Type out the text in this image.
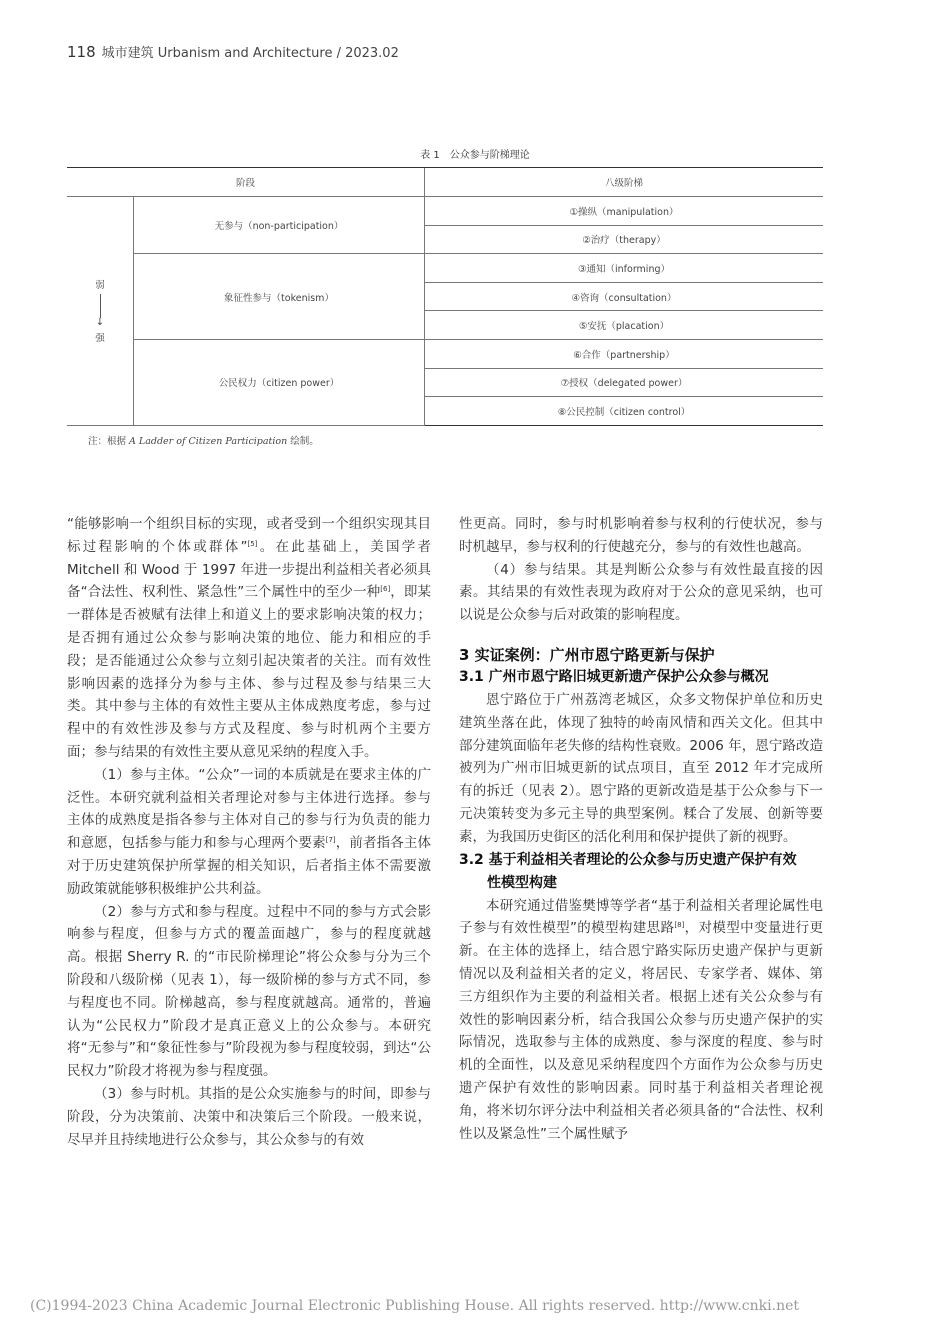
118 城市建筑 Urbanism and Architecture / 2023.02
表 1　公众参与阶梯理论
阶段		八级阶梯

弱
↓
强	无参与（non-participation）	①操纵（manipulation）
		②治疗（therapy）
	象征性参与（tokenism）	③通知（informing）
		④咨询（consultation）
		⑤安抚（placation）
	公民权力（citizen power）	⑥合作（partnership）
		⑦授权（delegated power）
		⑧公民控制（citizen control）
注：根据 A Ladder of Citizen Participation 绘制。

“能够影响一个组织目标的实现，或者受到一个组织实现其目标过程影响的个体或群体”[5]。在此基础上，美国学者 Mitchell 和 Wood 于 1997 年进一步提出利益相关者必须具备“合法性、权利性、紧急性”三个属性中的至少一种[6]，即某一群体是否被赋有法律上和道义上的要求影响决策的权力；是否拥有通过公众参与影响决策的地位、能力和相应的手段；是否能通过公众参与立刻引起决策者的关注。而有效性影响因素的选择分为参与主体、参与过程及参与结果三大类。其中参与主体的有效性主要从主体成熟度考虑，参与过程中的有效性涉及参与方式及程度、参与时机两个主要方面；参与结果的有效性主要从意见采纳的程度入手。

（1）参与主体。“公众”一词的本质就是在要求主体的广泛性。本研究就利益相关者理论对参与主体进行选择。参与主体的成熟度是指各参与主体对自己的参与行为负责的能力和意愿，包括参与能力和参与心理两个要素[7]，前者指各主体对于历史建筑保护所掌握的相关知识，后者指主体不需要激励政策就能够积极维护公共利益。

（2）参与方式和参与程度。过程中不同的参与方式会影响参与程度，但参与方式的覆盖面越广，参与的程度就越高。根据 Sherry R. 的“市民阶梯理论”将公众参与分为三个阶段和八级阶梯（见表 1），每一级阶梯的参与方式不同，参与程度也不同。阶梯越高，参与程度就越高。通常的，普遍认为“公民权力”阶段才是真正意义上的公众参与。本研究将“无参与”和“象征性参与”阶段视为参与程度较弱，到达“公民权力”阶段才将视为参与程度强。

（3）参与时机。其指的是公众实施参与的时间，即参与阶段，分为决策前、决策中和决策后三个阶段。一般来说，尽早并且持续地进行公众参与，其公众参与的有效

性更高。同时，参与时机影响着参与权利的行使状况，参与时机越早，参与权利的行使越充分，参与的有效性也越高。

（4）参与结果。其是判断公众参与有效性最直接的因素。其结果的有效性表现为政府对于公众的意见采纳，也可以说是公众参与后对政策的影响程度。

3 实证案例：广州市恩宁路更新与保护

3.1 广州市恩宁路旧城更新遗产保护公众参与概况

恩宁路位于广州荔湾老城区，众多文物保护单位和历史建筑坐落在此，体现了独特的岭南风情和西关文化。但其中部分建筑面临年老失修的结构性衰败。2006 年，恩宁路改造被列为广州市旧城更新的试点项目，直至 2012 年才完成所有的拆迁（见表 2）。恩宁路的更新改造是基于公众参与下一元决策转变为多元主导的典型案例。糅合了发展、创新等要素，为我国历史街区的活化利用和保护提供了新的视野。

3.2 基于利益相关者理论的公众参与历史遗产保护有效
性模型构建

本研究通过借鉴樊博等学者“基于利益相关者理论属性电子参与有效性模型”的模型构建思路[8]，对模型中变量进行更新。在主体的选择上，结合恩宁路实际历史遗产保护与更新情况以及利益相关者的定义，将居民、专家学者、媒体、第三方组织作为主要的利益相关者。根据上述有关公众参与有效性的影响因素分析，结合我国公众参与历史遗产保护的实际情况，选取参与主体的成熟度、参与深度的程度、参与时机的全面性，以及意见采纳程度四个方面作为公众参与历史遗产保护有效性的影响因素。同时基于利益相关者理论视角，将米切尔评分法中利益相关者必须具备的“合法性、权利性以及紧急性”三个属性赋予

(C)1994-2023 China Academic Journal Electronic Publishing House. All rights reserved. http://www.cnki.net
